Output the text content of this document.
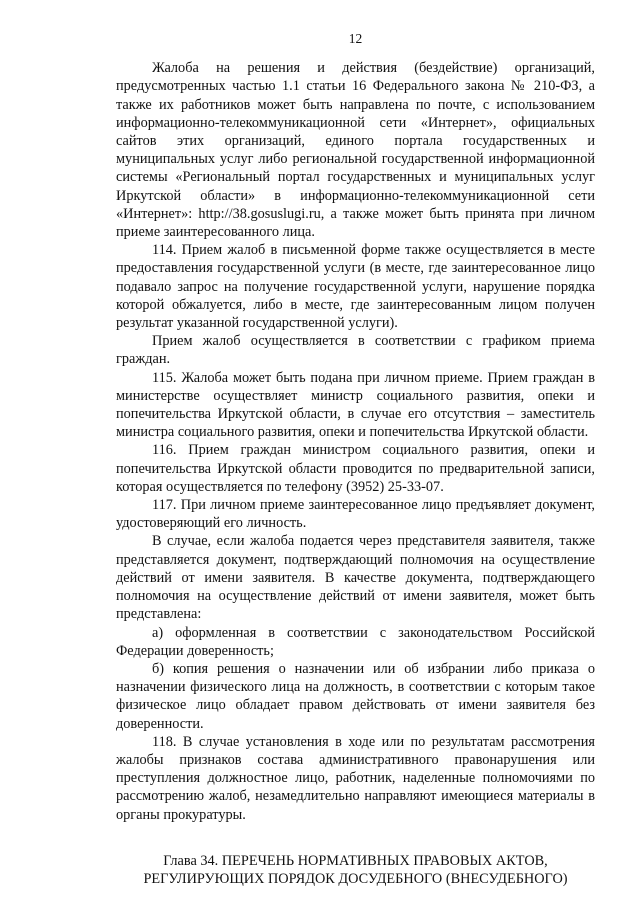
12

Жалоба на решения и действия (бездействие) организаций, предусмотренных частью 1.1 статьи 16 Федерального закона № 210-ФЗ, а также их работников может быть направлена по почте, с использованием информационно-телекоммуникационной сети «Интернет», официальных сайтов этих организаций, единого портала государственных и муниципальных услуг либо региональной государственной информационной системы «Региональный портал государственных и муниципальных услуг Иркутской области» в информационно-телекоммуникационной сети «Интернет»: http://38.gosuslugi.ru, а также может быть принята при личном приеме заинтересованного лица.

114. Прием жалоб в письменной форме также осуществляется в месте предоставления государственной услуги (в месте, где заинтересованное лицо подавало запрос на получение государственной услуги, нарушение порядка которой обжалуется, либо в месте, где заинтересованным лицом получен результат указанной государственной услуги).

Прием жалоб осуществляется в соответствии с графиком приема граждан.

115. Жалоба может быть подана при личном приеме. Прием граждан в министерстве осуществляет министр социального развития, опеки и попечительства Иркутской области, в случае его отсутствия – заместитель министра социального развития, опеки и попечительства Иркутской области.

116. Прием граждан министром социального развития, опеки и попечительства Иркутской области проводится по предварительной записи, которая осуществляется по телефону (3952) 25-33-07.

117. При личном приеме заинтересованное лицо предъявляет документ, удостоверяющий его личность.

В случае, если жалоба подается через представителя заявителя, также представляется документ, подтверждающий полномочия на осуществление действий от имени заявителя. В качестве документа, подтверждающего полномочия на осуществление действий от имени заявителя, может быть представлена:

а) оформленная в соответствии с законодательством Российской Федерации доверенность;

б) копия решения о назначении или об избрании либо приказа о назначении физического лица на должность, в соответствии с которым такое физическое лицо обладает правом действовать от имени заявителя без доверенности.

118. В случае установления в ходе или по результатам рассмотрения жалобы признаков состава административного правонарушения или преступления должностное лицо, работник, наделенные полномочиями по рассмотрению жалоб, незамедлительно направляют имеющиеся материалы в органы прокуратуры.

Глава 34. ПЕРЕЧЕНЬ НОРМАТИВНЫХ ПРАВОВЫХ АКТОВ,
РЕГУЛИРУЮЩИХ ПОРЯДОК ДОСУДЕБНОГО (ВНЕСУДЕБНОГО)
